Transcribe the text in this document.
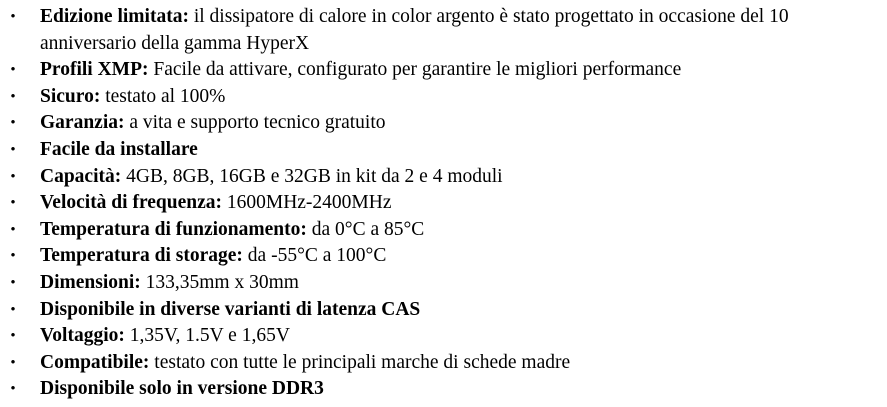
•	Edizione limitata: il dissipatore di calore in color argento è stato progettato in occasione del 10 anniversario della gamma HyperX
•	Profili XMP: Facile da attivare, configurato per garantire le migliori performance
•	Sicuro: testato al 100%
•	Garanzia: a vita e supporto tecnico gratuito
•	Facile da installare
•	Capacità: 4GB, 8GB, 16GB e 32GB in kit da 2 e 4 moduli
•	Velocità di frequenza: 1600MHz-2400MHz
•	Temperatura di funzionamento: da 0°C a 85°C
•	Temperatura di storage: da -55°C a 100°C
•	Dimensioni: 133,35mm x 30mm
•	Disponibile in diverse varianti di latenza CAS
•	Voltaggio: 1,35V, 1.5V e 1,65V
•	Compatibile: testato con tutte le principali marche di schede madre
•	Disponibile solo in versione DDR3
